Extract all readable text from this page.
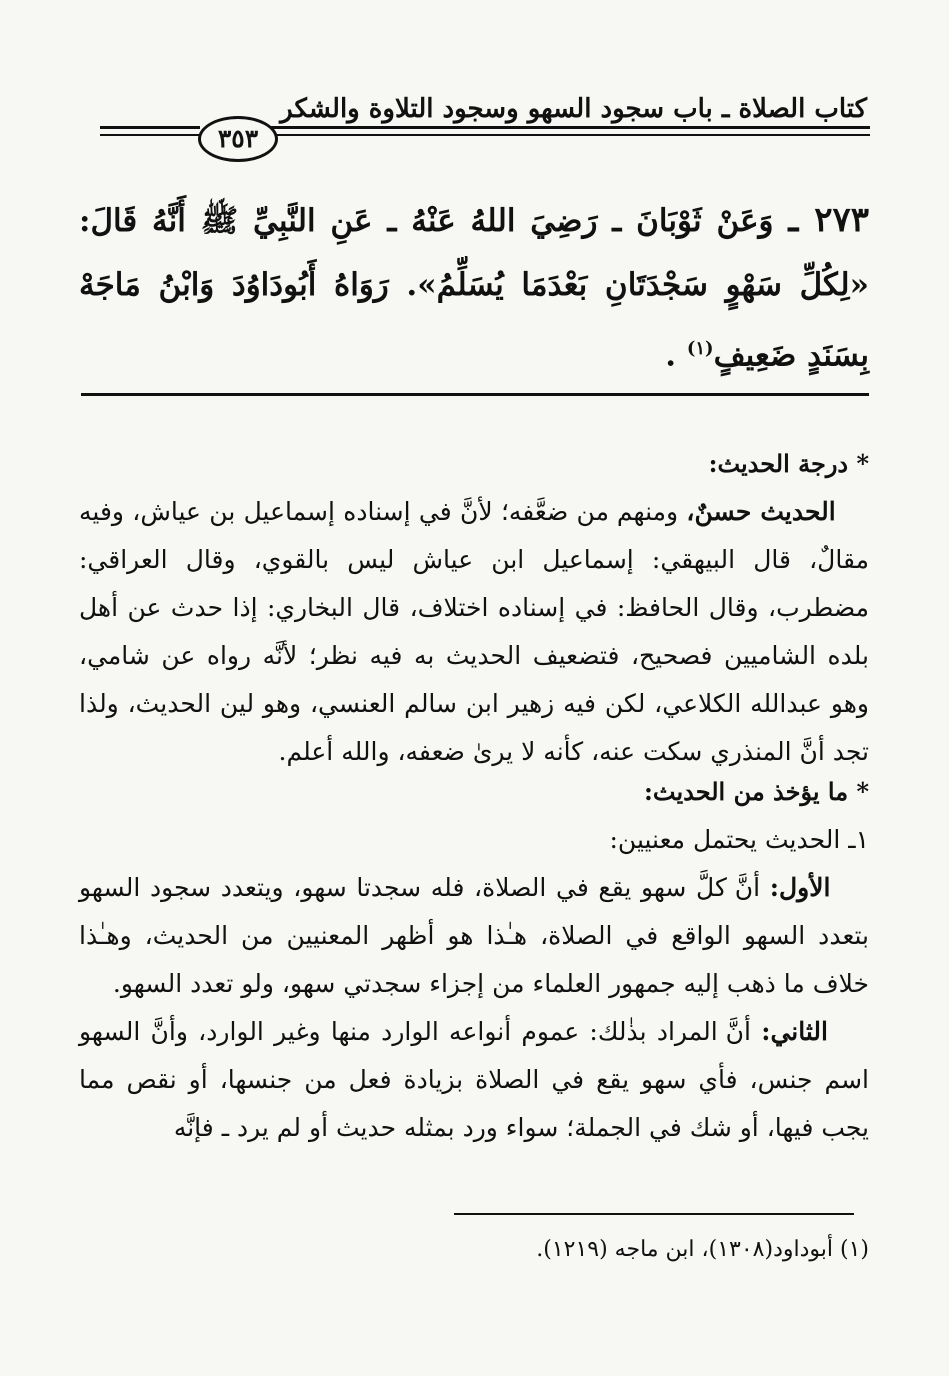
كتاب الصلاة ـ باب سجود السهو وسجود التلاوة والشكر
٣٥٣
٢٧٣ ـ وَعَنْ ثَوْبَانَ ـ رَضِيَ اللهُ عَنْهُ ـ عَنِ النَّبِيِّ ﷺ أَنَّهُ قَالَ: «لِكُلِّ سَهْوٍ سَجْدَتَانِ بَعْدَمَا يُسَلِّمُ». رَوَاهُ أَبُودَاوُدَ وَابْنُ مَاجَهْ بِسَنَدٍ ضَعِيفٍ$^{(١)}$ .
* درجة الحديث:
الحديث حسنٌ، ومنهم من ضعَّفه؛ لأنَّ في إسناده إسماعيل بن عياش، وفيه مقالٌ، قال البيهقي: إسماعيل ابن عياش ليس بالقوي، وقال العراقي: مضطرب، وقال الحافظ: في إسناده اختلاف، قال البخاري: إذا حدث عن أهل بلده الشاميين فصحيح، فتضعيف الحديث به فيه نظر؛ لأنَّه رواه عن شامي، وهو عبدالله الكلاعي، لكن فيه زهير ابن سالم العنسي، وهو لين الحديث، ولذا تجد أنَّ المنذري سكت عنه، كأنه لا يرىٰ ضعفه، والله أعلم.
* ما يؤخذ من الحديث:
١ـ الحديث يحتمل معنيين:
الأول: أنَّ كلَّ سهو يقع في الصلاة، فله سجدتا سهو، ويتعدد سجود السهو بتعدد السهو الواقع في الصلاة، هـٰذا هو أظهر المعنيين من الحديث، وهـٰذا خلاف ما ذهب إليه جمهور العلماء من إجزاء سجدتي سهو، ولو تعدد السهو.
الثاني: أنَّ المراد بذٰلك: عموم أنواعه الوارد منها وغير الوارد، وأنَّ السهو اسم جنس، فأي سهو يقع في الصلاة بزيادة فعل من جنسها، أو نقص مما يجب فيها، أو شك في الجملة؛ سواء ورد بمثله حديث أو لم يرد ـ فإنَّه
(١) أبوداود(١٣٠٨)، ابن ماجه (١٢١٩).
